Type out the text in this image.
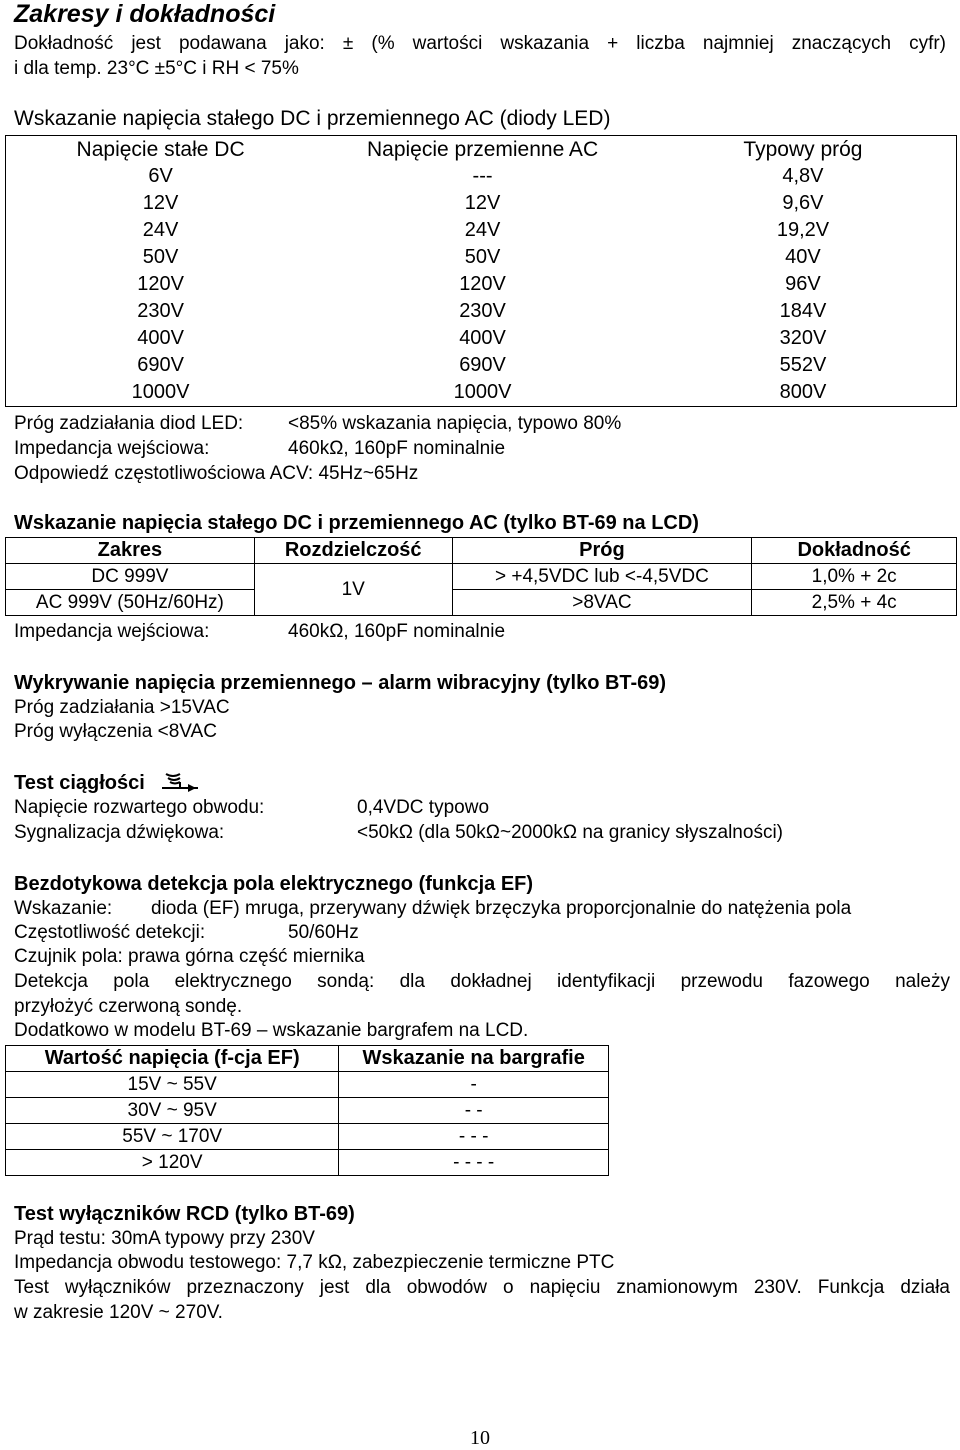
Zakresy i dokładności
Dokładność jest podawana jako: ± (% wartości wskazania + liczba najmniej znaczących cyfr)
i dla temp. 23°C ±5°C i RH < 75%
Wskazanie napięcia stałego DC i przemiennego AC (diody LED)
Napięcie stałe DC	Napięcie przemienne AC	Typowy próg
6V	---	4,8V
12V	12V	9,6V
24V	24V	19,2V
50V	50V	40V
120V	120V	96V
230V	230V	184V
400V	400V	320V
690V	690V	552V
1000V	1000V	800V
Próg zadziałania diod LED: <85% wskazania napięcia, typowo 80%
Impedancja wejściowa:	460kΩ, 160pF nominalnie
Odpowiedź częstotliwościowa ACV: 45Hz~65Hz
Wskazanie napięcia stałego DC i przemiennego AC (tylko BT-69 na LCD)
Zakres	Rozdzielczość	Próg	Dokładność
DC 999V	1V	> +4,5VDC lub <-4,5VDC	1,0% + 2c
AC 999V (50Hz/60Hz)		>8VAC	2,5% + 4c
Impedancja wejściowa:	460kΩ, 160pF nominalnie
Wykrywanie napięcia przemiennego – alarm wibracyjny (tylko BT-69)
Próg zadziałania >15VAC
Próg wyłączenia <8VAC
Test ciągłości
Napięcie rozwartego obwodu:	0,4VDC typowo
Sygnalizacja dźwiękowa:	<50kΩ (dla 50kΩ~2000kΩ na granicy słyszalności)
Bezdotykowa detekcja pola elektrycznego (funkcja EF)
Wskazanie: dioda (EF) mruga, przerywany dźwięk brzęczyka proporcjonalnie do natężenia pola
Częstotliwość detekcji:	50/60Hz
Czujnik pola: prawa górna część miernika
Detekcja pola elektrycznego sondą: dla dokładnej identyfikacji przewodu fazowego należy
przyłożyć czerwoną sondę.
Dodatkowo w modelu BT-69 – wskazanie bargrafem na LCD.
Wartość napięcia (f-cja EF)	Wskazanie na bargrafie
15V ~ 55V	-
30V ~ 95V	- -
55V ~ 170V	- - -
> 120V	- - - -
Test wyłączników RCD (tylko BT-69)
Prąd testu: 30mA typowy przy 230V
Impedancja obwodu testowego: 7,7 kΩ, zabezpieczenie termiczne PTC
Test wyłączników przeznaczony jest dla obwodów o napięciu znamionowym 230V. Funkcja działa
w zakresie 120V ~ 270V.
10
